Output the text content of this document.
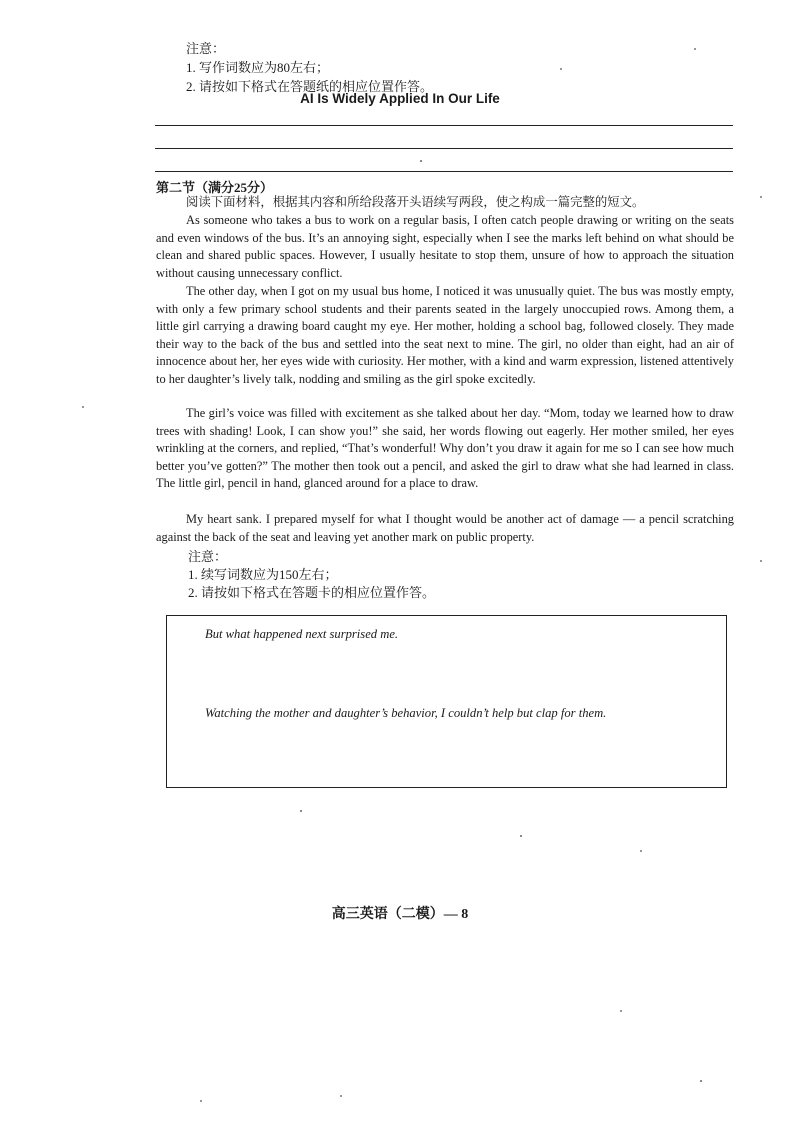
注意：
1. 写作词数应为80左右；
2. 请按如下格式在答题纸的相应位置作答。
AI Is Widely Applied In Our Life
第二节（满分25分）

阅读下面材料，根据其内容和所给段落开头语续写两段，使之构成一篇完整的短文。

As someone who takes a bus to work on a regular basis, I often catch people drawing or writing on the seats and even windows of the bus. It’s an annoying sight, especially when I see the marks left behind on what should be clean and shared public spaces. However, I usually hesitate to stop them, unsure of how to approach the situation without causing unnecessary conflict.

The other day, when I got on my usual bus home, I noticed it was unusually quiet. The bus was mostly empty, with only a few primary school students and their parents seated in the largely unoccupied rows. Among them, a little girl carrying a drawing board caught my eye. Her mother, holding a school bag, followed closely. They made their way to the back of the bus and settled into the seat next to mine. The girl, no older than eight, had an air of innocence about her, her eyes wide with curiosity. Her mother, with a kind and warm expression, listened attentively to her daughter’s lively talk, nodding and smiling as the girl spoke excitedly.

The girl’s voice was filled with excitement as she talked about her day. “Mom, today we learned how to draw trees with shading! Look, I can show you!” she said, her words flowing out eagerly. Her mother smiled, her eyes wrinkling at the corners, and replied, “That’s wonderful! Why don’t you draw it again for me so I can see how much better you’ve gotten?” The mother then took out a pencil, and asked the girl to draw what she had learned in class. The little girl, pencil in hand, glanced around for a place to draw.

My heart sank. I prepared myself for what I thought would be another act of damage — a pencil scratching against the back of the seat and leaving yet another mark on public property.

注意：
1. 续写词数应为150左右；
2. 请按如下格式在答题卡的相应位置作答。
But what happened next surprised me.
Watching the mother and daughter’s behavior, I couldn’t help but clap for them.
高三英语（二模）— 8
